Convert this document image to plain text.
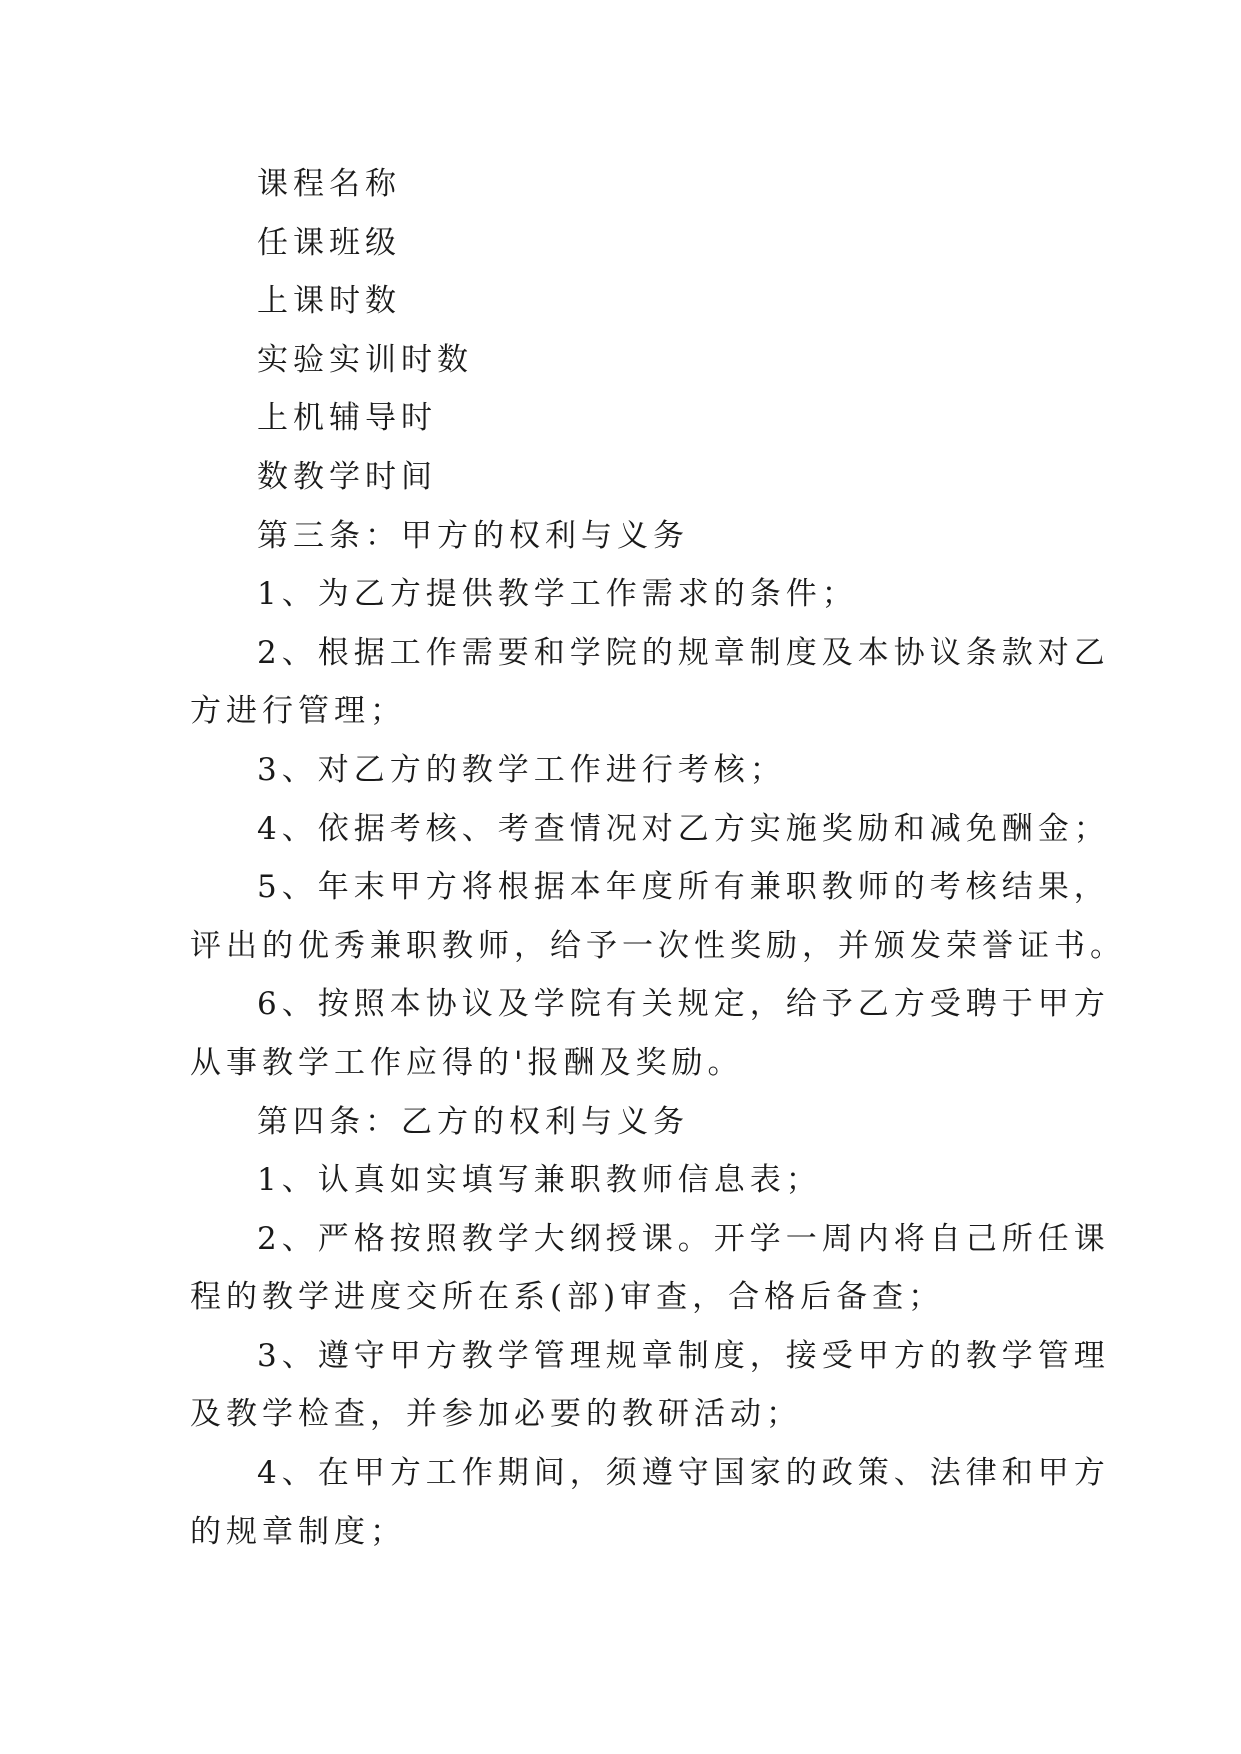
课程名称

任课班级

上课时数

实验实训时数

上机辅导时

数教学时间

第三条：甲方的权利与义务

1、为乙方提供教学工作需求的条件；

2、根据工作需要和学院的规章制度及本协议条款对乙

方进行管理；

3、对乙方的教学工作进行考核；

4、依据考核、考查情况对乙方实施奖励和减免酬金；

5、年末甲方将根据本年度所有兼职教师的考核结果，

评出的优秀兼职教师，给予一次性奖励，并颁发荣誉证书。

6、按照本协议及学院有关规定，给予乙方受聘于甲方

从事教学工作应得的'报酬及奖励。

第四条：乙方的权利与义务

1、认真如实填写兼职教师信息表；

2、严格按照教学大纲授课。开学一周内将自己所任课

程的教学进度交所在系(部)审查，合格后备查；

3、遵守甲方教学管理规章制度，接受甲方的教学管理

及教学检查，并参加必要的教研活动；

4、在甲方工作期间，须遵守国家的政策、法律和甲方

的规章制度；
